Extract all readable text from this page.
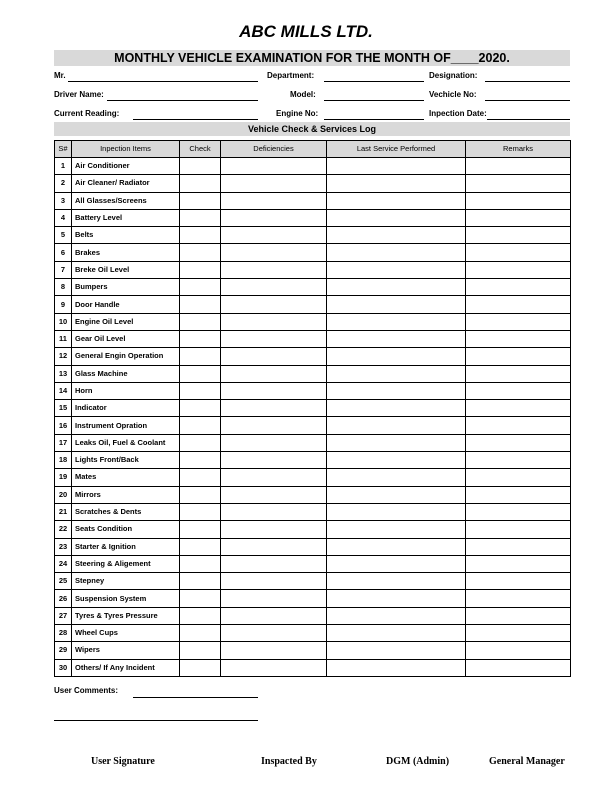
ABC MILLS LTD.
MONTHLY VEHICLE EXAMINATION FOR THE MONTH OF____2020.
Mr.	Department:	Designation:
Driver Name:	Model:	Vechicle No:
Current Reading:	Engine No:	Inpection Date:
Vehicle Check & Services Log
S#	Inpection Items	Check	Deficiencies	Last Service Performed	Remarks
1	Air Conditioner				
2	Air Cleaner/ Radiator				
3	All Glasses/Screens				
4	Battery Level				
5	Belts				
6	Brakes				
7	Breke Oil Level				
8	Bumpers				
9	Door Handle				
10	Engine Oil Level				
11	Gear Oil Level				
12	General Engin Operation				
13	Glass Machine				
14	Horn				
15	Indicator				
16	Instrument Opration				
17	Leaks Oil, Fuel & Coolant				
18	Lights Front/Back				
19	Mates				
20	Mirrors				
21	Scratches & Dents				
22	Seats Condition				
23	Starter & Ignition				
24	Steering & Aligement				
25	Stepney				
26	Suspension System				
27	Tyres & Tyres Pressure				
28	Wheel Cups				
29	Wipers				
30	Others/ If Any Incident				
User Comments:
User Signature	Inspacted By	DGM (Admin)	General Manager
